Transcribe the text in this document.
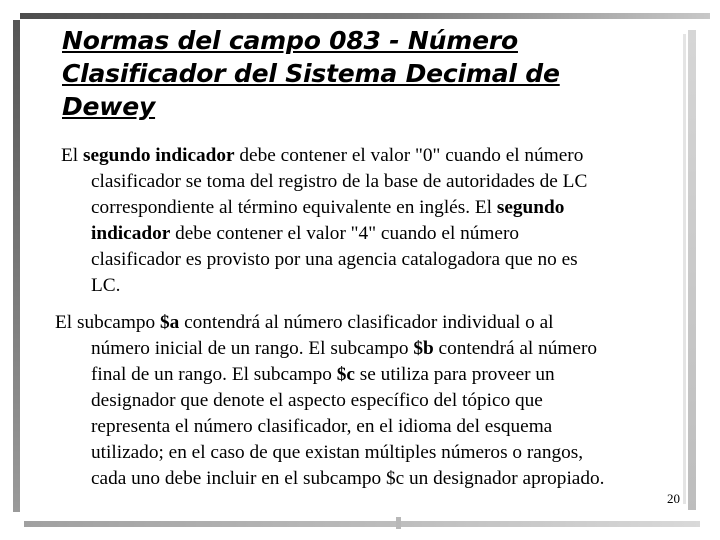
Normas del campo 083 - Número
Clasificador del Sistema Decimal de
Dewey
El segundo indicador debe contener el valor "0" cuando el número
clasificador se toma del registro de la base de autoridades de LC
correspondiente al término equivalente en inglés. El segundo
indicador debe contener el valor "4" cuando el número
clasificador es provisto por una agencia catalogadora que no es
LC.
El subcampo $a contendrá al número clasificador individual o al
número inicial de un rango. El subcampo $b contendrá al número
final de un rango. El subcampo $c se utiliza para proveer un
designador que denote el aspecto específico del tópico que
representa el número clasificador, en el idioma del esquema
utilizado; en el caso de que existan múltiples números o rangos,
cada uno debe incluir en el subcampo $c un designador apropiado.
20
